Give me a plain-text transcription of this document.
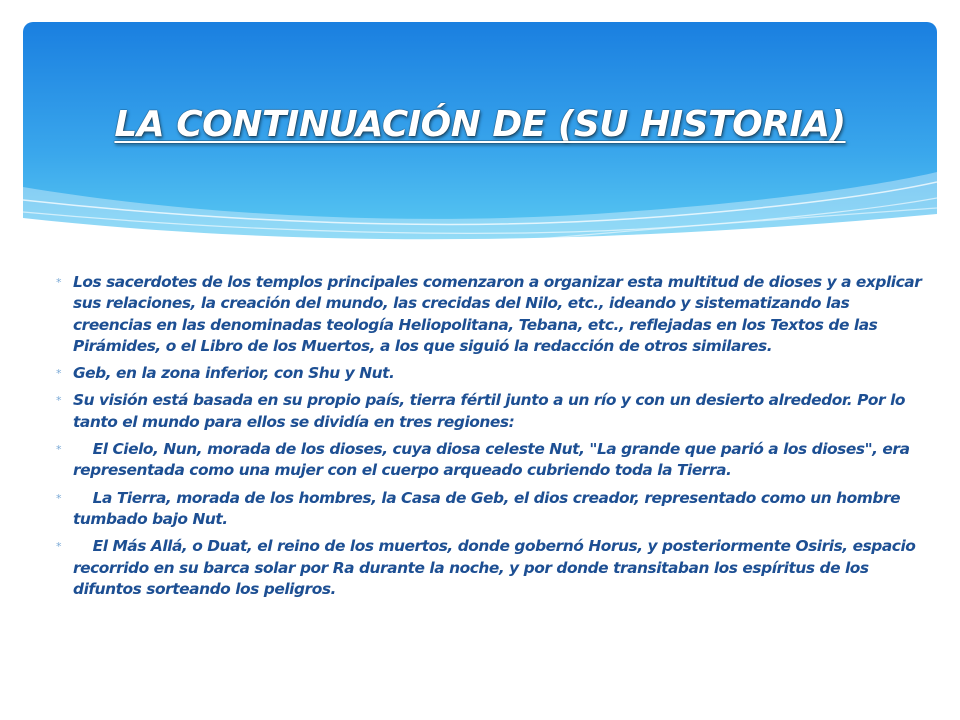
LA CONTINUACIÓN DE (SU HISTORIA)
* Los sacerdotes de los templos principales comenzaron a organizar esta multitud de dioses y a explicar sus relaciones, la creación del mundo, las crecidas del Nilo, etc., ideando y sistematizando las creencias en las denominadas teología Heliopolitana, Tebana, etc., reflejadas en los Textos de las Pirámides, o el Libro de los Muertos, a los que siguió la redacción de otros similares.
* Geb, en la zona inferior, con Shu y Nut.
* Su visión está basada en su propio país, tierra fértil junto a un río y con un desierto alrededor. Por lo tanto el mundo para ellos se dividía en tres regiones:
* El Cielo, Nun, morada de los dioses, cuya diosa celeste Nut, "La grande que parió a los dioses", era representada como una mujer con el cuerpo arqueado cubriendo toda la Tierra.
* La Tierra, morada de los hombres, la Casa de Geb, el dios creador, representado como un hombre tumbado bajo Nut.
* El Más Allá, o Duat, el reino de los muertos, donde gobernó Horus, y posteriormente Osiris, espacio recorrido en su barca solar por Ra durante la noche, y por donde transitaban los espíritus de los difuntos sorteando los peligros.
